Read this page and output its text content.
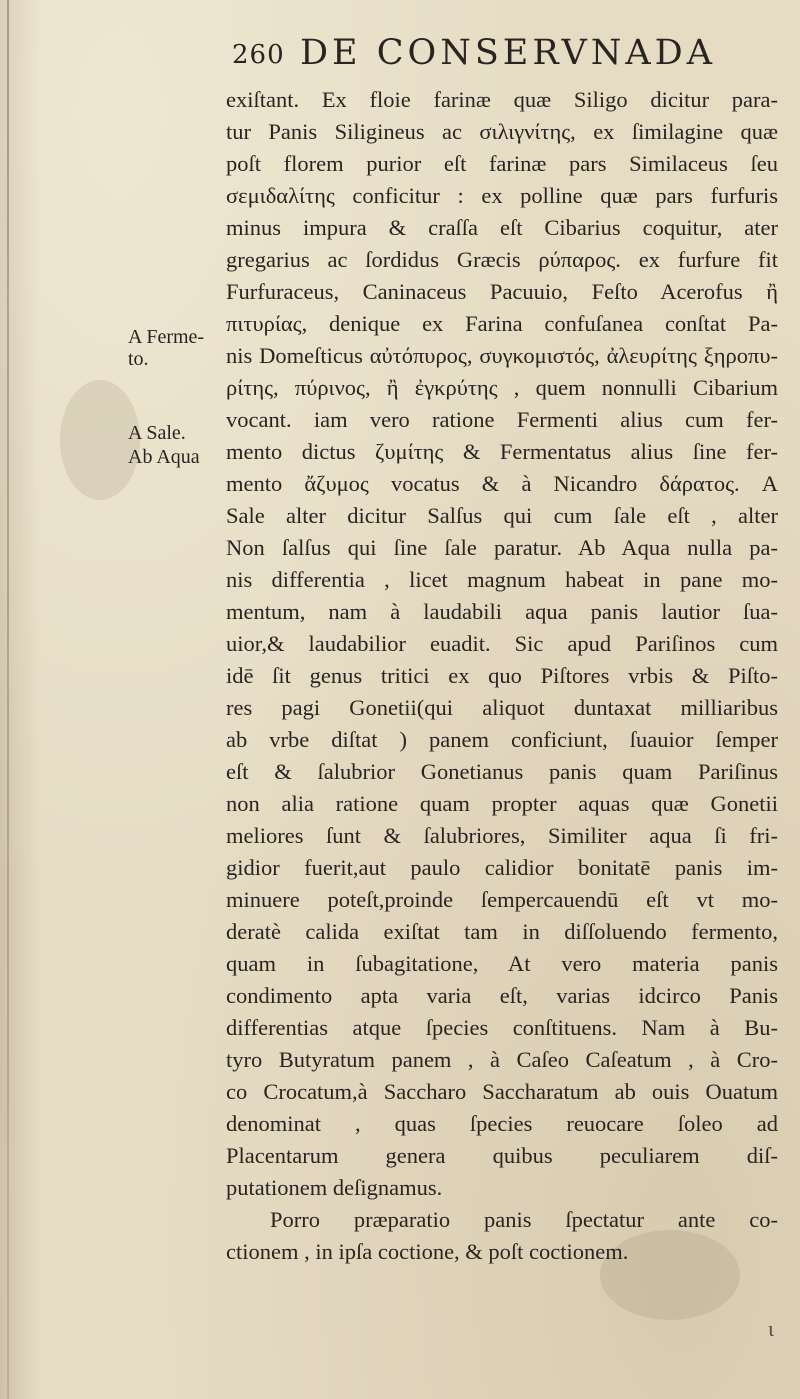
ι
260 DE CONSERVNADA
A Ferme-
to.
A Sale.
Ab Aqua
exiſtant. Ex floie farinæ quæ Siligo dicitur para-
tur Panis Siligineus ac σιλιγνίτης, ex ſimilagine quæ
poſt florem purior eſt farinæ pars Similaceus ſeu
σεμιδαλίτης conficitur : ex polline quæ pars furfuris
minus impura & craſſa eſt Cibarius coquitur, ater
gregarius ac ſordidus Græcis ρύπαρος. ex furfure fit
Furfuraceus, Caninaceus Pacuuio, Feſto Acerofus ἢ
πιτυρίας, denique ex Farina confuſanea conſtat Pa-
nis Domeſticus αὐτόπυρος, συγκομιστός, ἀλευρίτης ξηροπυ-
ρίτης, πύρινος, ἢ ἐγκρύτης , quem nonnulli Cibarium
vocant. iam vero ratione Fermenti alius cum fer-
mento dictus ζυμίτης & Fermentatus alius ſine fer-
mento ἄζυμος vocatus & à Nicandro δάρατος. A
Sale alter dicitur Salſus qui cum ſale eſt , alter
Non ſalſus qui ſine ſale paratur. Ab Aqua nulla pa-
nis differentia , licet magnum habeat in pane mo-
mentum, nam à laudabili aqua panis lautior ſua-
uior,& laudabilior euadit. Sic apud Pariſinos cum
idē ſit genus tritici ex quo Piſtores vrbis & Piſto-
res pagi Gonetii(qui aliquot duntaxat milliaribus
ab vrbe diſtat ) panem conficiunt, ſuauior ſemper
eſt & ſalubrior Gonetianus panis quam Pariſinus
non alia ratione quam propter aquas quæ Gonetii
meliores ſunt & ſalubriores, Similiter aqua ſi fri-
gidior fuerit,aut paulo calidior bonitatē panis im-
minuere poteſt,proinde ſempercauendū eſt vt mo-
deratè calida exiſtat tam in diſſoluendo fermento,
quam in ſubagitatione, At vero materia panis
condimento apta varia eſt, varias idcirco Panis
differentias atque ſpecies conſtituens. Nam à Bu-
tyro Butyratum panem , à Caſeo Caſeatum , à Cro-
co Crocatum,à Saccharo Saccharatum ab ouis Ouatum
denominat , quas ſpecies reuocare ſoleo ad
Placentarum genera quibus peculiarem diſ-
putationem deſignamus.
Porro præparatio panis ſpectatur ante co-
ctionem , in ipſa coctione, & poſt coctionem.
